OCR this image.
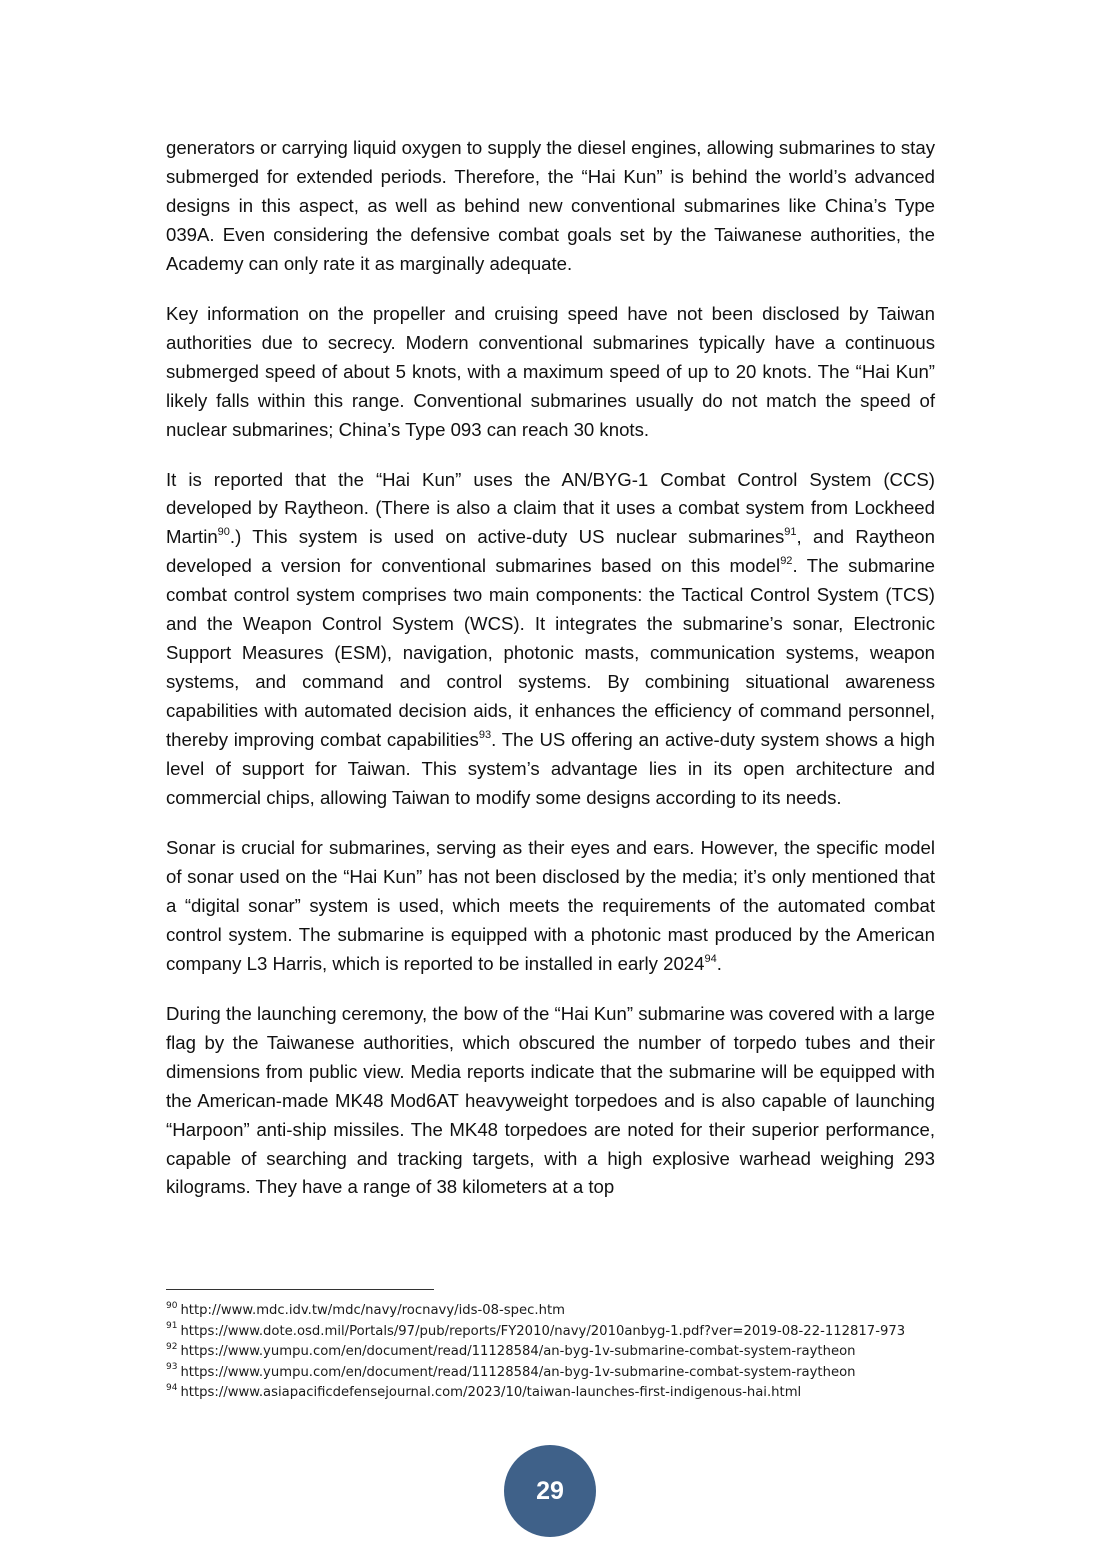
generators or carrying liquid oxygen to supply the diesel engines, allowing submarines to stay submerged for extended periods. Therefore, the “Hai Kun” is behind the world’s advanced designs in this aspect, as well as behind new conventional submarines like China’s Type 039A. Even considering the defensive combat goals set by the Taiwanese authorities, the Academy can only rate it as marginally adequate.

Key information on the propeller and cruising speed have not been disclosed by Taiwan authorities due to secrecy. Modern conventional submarines typically have a continuous submerged speed of about 5 knots, with a maximum speed of up to 20 knots. The “Hai Kun” likely falls within this range. Conventional submarines usually do not match the speed of nuclear submarines; China’s Type 093 can reach 30 knots.

It is reported that the “Hai Kun” uses the AN/BYG-1 Combat Control System (CCS) developed by Raytheon. (There is also a claim that it uses a combat system from Lockheed Martin$^{90}$.) This system is used on active-duty US nuclear submarines$^{91}$, and Raytheon developed a version for conventional submarines based on this model$^{92}$. The submarine combat control system comprises two main components: the Tactical Control System (TCS) and the Weapon Control System (WCS). It integrates the submarine’s sonar, Electronic Support Measures (ESM), navigation, photonic masts, communication systems, weapon systems, and command and control systems. By combining situational awareness capabilities with automated decision aids, it enhances the efficiency of command personnel, thereby improving combat capabilities$^{93}$. The US offering an active-duty system shows a high level of support for Taiwan. This system’s advantage lies in its open architecture and commercial chips, allowing Taiwan to modify some designs according to its needs.

Sonar is crucial for submarines, serving as their eyes and ears. However, the specific model of sonar used on the “Hai Kun” has not been disclosed by the media; it’s only mentioned that a “digital sonar” system is used, which meets the requirements of the automated combat control system. The submarine is equipped with a photonic mast produced by the American company L3 Harris, which is reported to be installed in early 2024$^{94}$.

During the launching ceremony, the bow of the “Hai Kun” submarine was covered with a large flag by the Taiwanese authorities, which obscured the number of torpedo tubes and their dimensions from public view. Media reports indicate that the submarine will be equipped with the American-made MK48 Mod6AT heavyweight torpedoes and is also capable of launching “Harpoon” anti-ship missiles. The MK48 torpedoes are noted for their superior performance, capable of searching and tracking targets, with a high explosive warhead weighing 293 kilograms. They have a range of 38 kilometers at a top

$^{90}$ http://www.mdc.idv.tw/mdc/navy/rocnavy/ids-08-spec.htm

$^{91}$ https://www.dote.osd.mil/Portals/97/pub/reports/FY2010/navy/2010anbyg-1.pdf?ver=2019-08-22-112817-973

$^{92}$ https://www.yumpu.com/en/document/read/11128584/an-byg-1v-submarine-combat-system-raytheon

$^{93}$ https://www.yumpu.com/en/document/read/11128584/an-byg-1v-submarine-combat-system-raytheon

$^{94}$ https://www.asiapacificdefensejournal.com/2023/10/taiwan-launches-first-indigenous-hai.html

29
